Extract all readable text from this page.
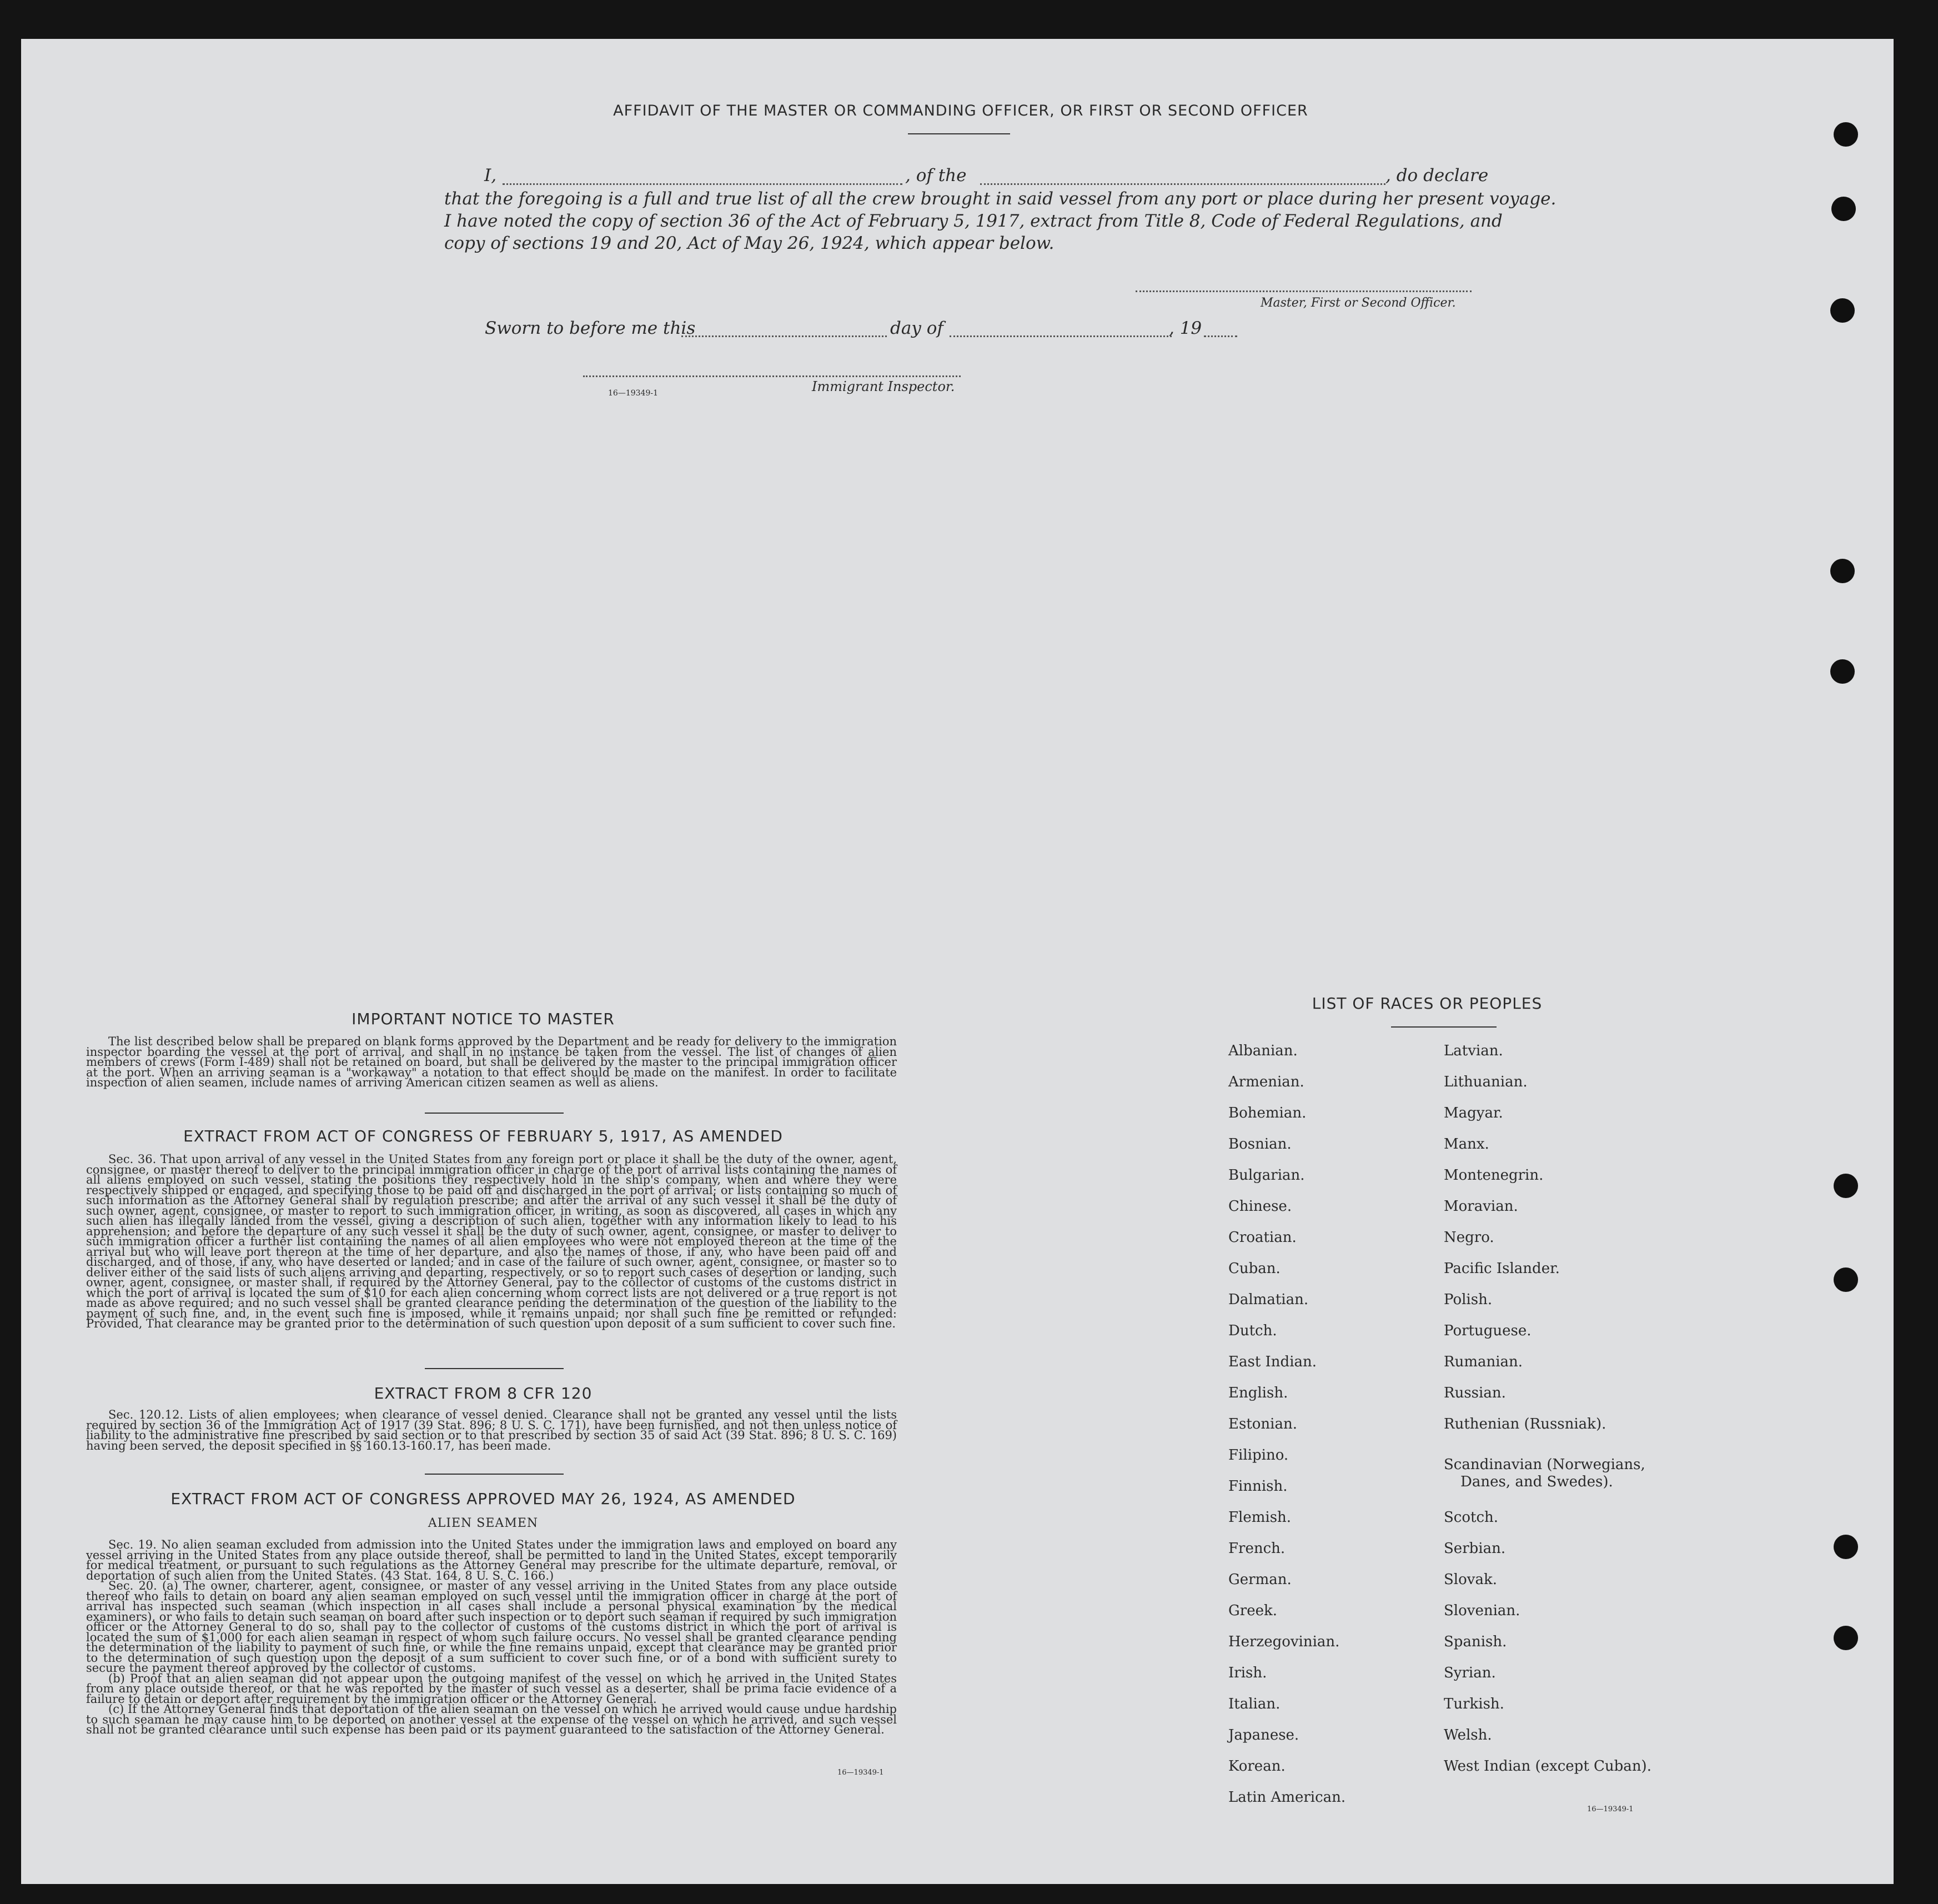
AFFIDAVIT OF THE MASTER OR COMMANDING OFFICER, OR FIRST OR SECOND OFFICER
I,	, of the	, do declare
that the foregoing is a full and true list of all the crew brought in said vessel from any port or place during her present voyage.
I have noted the copy of section 36 of the Act of February 5, 1917, extract from Title 8, Code of Federal Regulations, and
copy of sections 19 and 20, Act of May 26, 1924, which appear below.
Master, First or Second Officer.
Sworn to before me this	day of	, 19
16—19349-1	Immigrant Inspector.
IMPORTANT NOTICE TO MASTER

The list described below shall be prepared on blank forms approved by the Department and be ready for delivery to the immigration inspector boarding the vessel at the port of arrival, and shall in no instance be taken from the vessel. The list of changes of alien members of crews (Form I-489) shall not be retained on board, but shall be delivered by the master to the principal immigration officer at the port. When an arriving seaman is a "workaway" a notation to that effect should be made on the manifest. In order to facilitate inspection of alien seamen, include names of arriving American citizen seamen as well as aliens.

EXTRACT FROM ACT OF CONGRESS OF FEBRUARY 5, 1917, AS AMENDED

Sec. 36. That upon arrival of any vessel in the United States from any foreign port or place it shall be the duty of the owner, agent, consignee, or master thereof to deliver to the principal immigration officer in charge of the port of arrival lists containing the names of all aliens employed on such vessel, stating the positions they respectively hold in the ship's company, when and where they were respectively shipped or engaged, and specifying those to be paid off and discharged in the port of arrival; or lists containing so much of such information as the Attorney General shall by regulation prescribe; and after the arrival of any such vessel it shall be the duty of such owner, agent, consignee, or master to report to such immigration officer, in writing, as soon as discovered, all cases in which any such alien has illegally landed from the vessel, giving a description of such alien, together with any information likely to lead to his apprehension; and before the departure of any such vessel it shall be the duty of such owner, agent, consignee, or master to deliver to such immigration officer a further list containing the names of all alien employees who were not employed thereon at the time of the arrival but who will leave port thereon at the time of her departure, and also the names of those, if any, who have been paid off and discharged, and of those, if any, who have deserted or landed; and in case of the failure of such owner, agent, consignee, or master so to deliver either of the said lists of such aliens arriving and departing, respectively, or so to report such cases of desertion or landing, such owner, agent, consignee, or master shall, if required by the Attorney General, pay to the collector of customs of the customs district in which the port of arrival is located the sum of $10 for each alien concerning whom correct lists are not delivered or a true report is not made as above required; and no such vessel shall be granted clearance pending the determination of the question of the liability to the payment of such fine, and, in the event such fine is imposed, while it remains unpaid; nor shall such fine be remitted or refunded: Provided, That clearance may be granted prior to the determination of such question upon deposit of a sum sufficient to cover such fine.

EXTRACT FROM 8 CFR 120

Sec. 120.12. Lists of alien employees; when clearance of vessel denied. Clearance shall not be granted any vessel until the lists required by section 36 of the Immigration Act of 1917 (39 Stat. 896; 8 U. S. C. 171), have been furnished, and not then unless notice of liability to the administrative fine prescribed by said section or to that prescribed by section 35 of said Act (39 Stat. 896; 8 U. S. C. 169) having been served, the deposit specified in §§ 160.13-160.17, has been made.

EXTRACT FROM ACT OF CONGRESS APPROVED MAY 26, 1924, AS AMENDED
ALIEN SEAMEN

Sec. 19. No alien seaman excluded from admission into the United States under the immigration laws and employed on board any vessel arriving in the United States from any place outside thereof, shall be permitted to land in the United States, except temporarily for medical treatment, or pursuant to such regulations as the Attorney General may prescribe for the ultimate departure, removal, or deportation of such alien from the United States. (43 Stat. 164, 8 U. S. C. 166.)

Sec. 20. (a) The owner, charterer, agent, consignee, or master of any vessel arriving in the United States from any place outside thereof who fails to detain on board any alien seaman employed on such vessel until the immigration officer in charge at the port of arrival has inspected such seaman (which inspection in all cases shall include a personal physical examination by the medical examiners), or who fails to detain such seaman on board after such inspection or to deport such seaman if required by such immigration officer or the Attorney General to do so, shall pay to the collector of customs of the customs district in which the port of arrival is located the sum of $1,000 for each alien seaman in respect of whom such failure occurs. No vessel shall be granted clearance pending the determination of the liability to payment of such fine, or while the fine remains unpaid, except that clearance may be granted prior to the determination of such question upon the deposit of a sum sufficient to cover such fine, or of a bond with sufficient surety to secure the payment thereof approved by the collector of customs.

(b) Proof that an alien seaman did not appear upon the outgoing manifest of the vessel on which he arrived in the United States from any place outside thereof, or that he was reported by the master of such vessel as a deserter, shall be prima facie evidence of a failure to detain or deport after requirement by the immigration officer or the Attorney General.

(c) If the Attorney General finds that deportation of the alien seaman on the vessel on which he arrived would cause undue hardship to such seaman he may cause him to be deported on another vessel at the expense of the vessel on which he arrived, and such vessel shall not be granted clearance until such expense has been paid or its payment guaranteed to the satisfaction of the Attorney General.

16—19349-1
LIST OF RACES OR PEOPLES
Albanian.
Armenian.
Bohemian.
Bosnian.
Bulgarian.
Chinese.
Croatian.
Cuban.
Dalmatian.
Dutch.
East Indian.
English.
Estonian.
Filipino.
Finnish.
Flemish.
French.
German.
Greek.
Herzegovinian.
Irish.
Italian.
Japanese.
Korean.
Latin American.
Latvian.
Lithuanian.
Magyar.
Manx.
Montenegrin.
Moravian.
Negro.
Pacific Islander.
Polish.
Portuguese.
Rumanian.
Russian.
Ruthenian (Russniak).
Scandinavian (Norwegians,
Danes, and Swedes).
Scotch.
Serbian.
Slovak.
Slovenian.
Spanish.
Syrian.
Turkish.
Welsh.
West Indian (except Cuban).
16—19349-1
